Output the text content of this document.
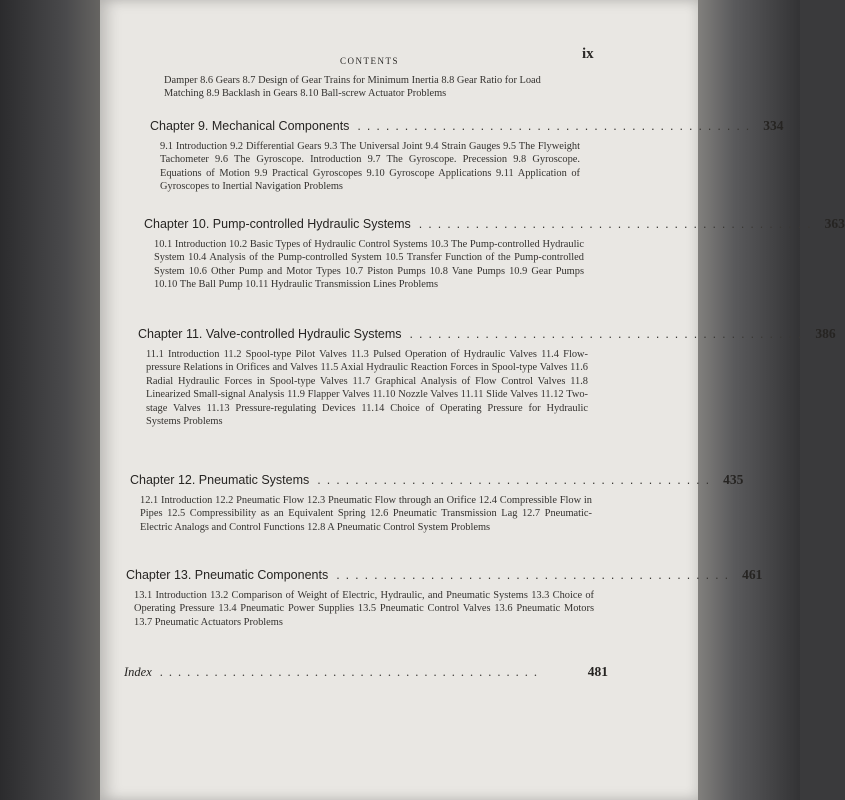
CONTENTS	ix
Damper 8.6 Gears 8.7 Design of Gear Trains for Minimum Inertia 8.8 Gear Ratio for Load Matching 8.9 Backlash in Gears 8.10 Ball-screw Actuator Problems
Chapter 9. Mechanical Components .......................................... 334
9.1 Introduction 9.2 Differential Gears 9.3 The Universal Joint 9.4 Strain Gauges 9.5 The Flyweight Tachometer 9.6 The Gyroscope. Introduction 9.7 The Gyroscope. Precession 9.8 Gyroscope. Equations of Motion 9.9 Practical Gyroscopes 9.10 Gyroscope Applications 9.11 Application of Gyroscopes to Inertial Navigation Problems
Chapter 10. Pump-controlled Hydraulic Systems .......................................... 363
10.1 Introduction 10.2 Basic Types of Hydraulic Control Systems 10.3 The Pump-controlled Hydraulic System 10.4 Analysis of the Pump-controlled System 10.5 Transfer Function of the Pump-controlled System 10.6 Other Pump and Motor Types 10.7 Piston Pumps 10.8 Vane Pumps 10.9 Gear Pumps 10.10 The Ball Pump 10.11 Hydraulic Transmission Lines Problems
Chapter 11. Valve-controlled Hydraulic Systems .......................................... 386
11.1 Introduction 11.2 Spool-type Pilot Valves 11.3 Pulsed Operation of Hydraulic Valves 11.4 Flow-pressure Relations in Orifices and Valves 11.5 Axial Hydraulic Reaction Forces in Spool-type Valves 11.6 Radial Hydraulic Forces in Spool-type Valves 11.7 Graphical Analysis of Flow Control Valves 11.8 Linearized Small-signal Analysis 11.9 Flapper Valves 11.10 Nozzle Valves 11.11 Slide Valves 11.12 Two-stage Valves 11.13 Pressure-regulating Devices 11.14 Choice of Operating Pressure for Hydraulic Systems Problems
Chapter 12. Pneumatic Systems .......................................... 435
12.1 Introduction 12.2 Pneumatic Flow 12.3 Pneumatic Flow through an Orifice 12.4 Compressible Flow in Pipes 12.5 Compressibility as an Equivalent Spring 12.6 Pneumatic Transmission Lag 12.7 Pneumatic-Electric Analogs and Control Functions 12.8 A Pneumatic Control System Problems
Chapter 13. Pneumatic Components .......................................... 461
13.1 Introduction 13.2 Comparison of Weight of Electric, Hydraulic, and Pneumatic Systems 13.3 Choice of Operating Pressure 13.4 Pneumatic Power Supplies 13.5 Pneumatic Control Valves 13.6 Pneumatic Motors 13.7 Pneumatic Actuators Problems
Index ..........................................	481
